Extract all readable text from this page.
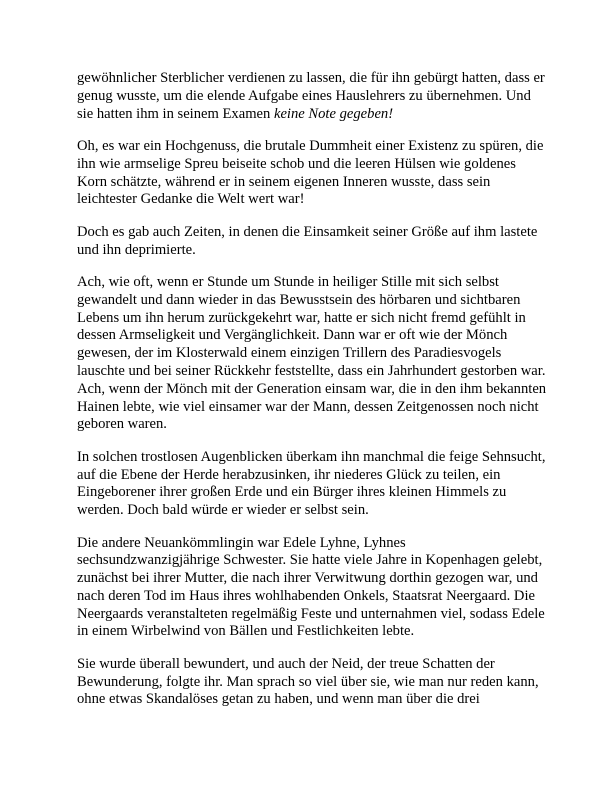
gewöhnlicher Sterblicher verdienen zu lassen, die für ihn gebürgt hatten, dass er genug wusste, um die elende Aufgabe eines Hauslehrers zu übernehmen. Und sie hatten ihm in seinem Examen keine Note gegeben!

Oh, es war ein Hochgenuss, die brutale Dummheit einer Existenz zu spüren, die ihn wie armselige Spreu beiseite schob und die leeren Hülsen wie goldenes Korn schätzte, während er in seinem eigenen Inneren wusste, dass sein leichtester Gedanke die Welt wert war!

Doch es gab auch Zeiten, in denen die Einsamkeit seiner Größe auf ihm lastete und ihn deprimierte.

Ach, wie oft, wenn er Stunde um Stunde in heiliger Stille mit sich selbst gewandelt und dann wieder in das Bewusstsein des hörbaren und sichtbaren Lebens um ihn herum zurückgekehrt war, hatte er sich nicht fremd gefühlt in dessen Armseligkeit und Vergänglichkeit. Dann war er oft wie der Mönch gewesen, der im Klosterwald einem einzigen Trillern des Paradiesvogels lauschte und bei seiner Rückkehr feststellte, dass ein Jahrhundert gestorben war. Ach, wenn der Mönch mit der Generation einsam war, die in den ihm bekannten Hainen lebte, wie viel einsamer war der Mann, dessen Zeitgenossen noch nicht geboren waren.

In solchen trostlosen Augenblicken überkam ihn manchmal die feige Sehnsucht, auf die Ebene der Herde herabzusinken, ihr niederes Glück zu teilen, ein Eingeborener ihrer großen Erde und ein Bürger ihres kleinen Himmels zu werden. Doch bald würde er wieder er selbst sein.

Die andere Neuankömmlingin war Edele Lyhne, Lyhnes sechsundzwanzigjährige Schwester. Sie hatte viele Jahre in Kopenhagen gelebt, zunächst bei ihrer Mutter, die nach ihrer Verwitwung dorthin gezogen war, und nach deren Tod im Haus ihres wohlhabenden Onkels, Staatsrat Neergaard. Die Neergaards veranstalteten regelmäßig Feste und unternahmen viel, sodass Edele in einem Wirbelwind von Bällen und Festlichkeiten lebte.

Sie wurde überall bewundert, und auch der Neid, der treue Schatten der Bewunderung, folgte ihr. Man sprach so viel über sie, wie man nur reden kann, ohne etwas Skandalöses getan zu haben, und wenn man über die drei
